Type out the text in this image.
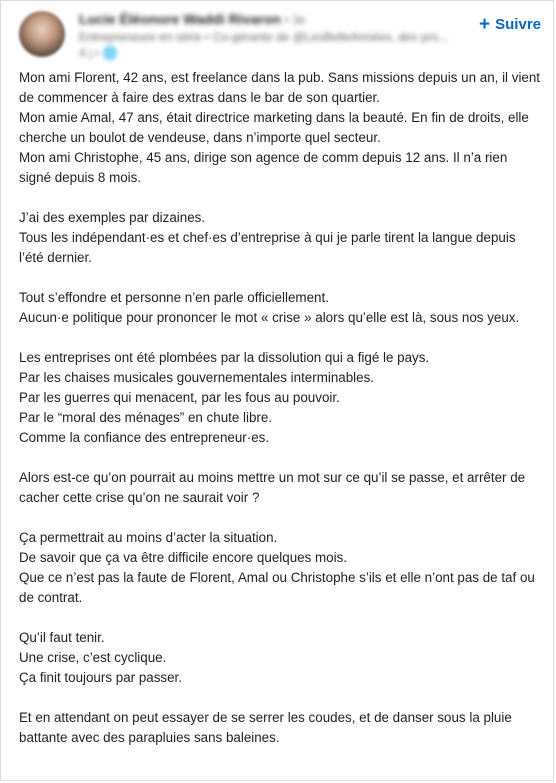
Lucie Éléonore Waddi Rivaron • 3e
Entrepreneure en série • Co-gérante de @LesBelleAnnées, dev pro...
4 j • 🌐
+ Suivre

Mon ami Florent, 42 ans, est freelance dans la pub. Sans missions depuis un an, il vient de commencer à faire des extras dans le bar de son quartier.
Mon amie Amal, 47 ans, était directrice marketing dans la beauté. En fin de droits, elle cherche un boulot de vendeuse, dans n’importe quel secteur.
Mon ami Christophe, 45 ans, dirige son agence de comm depuis 12 ans. Il n’a rien signé depuis 8 mois.

J’ai des exemples par dizaines.
Tous les indépendant·es et chef·es d’entreprise à qui je parle tirent la langue depuis l’été dernier.

Tout s’effondre et personne n’en parle officiellement.
Aucun·e politique pour prononcer le mot « crise » alors qu’elle est là, sous nos yeux.

Les entreprises ont été plombées par la dissolution qui a figé le pays.
Par les chaises musicales gouvernementales interminables.
Par les guerres qui menacent, par les fous au pouvoir.
Par le “moral des ménages” en chute libre.
Comme la confiance des entrepreneur·es.

Alors est-ce qu’on pourrait au moins mettre un mot sur ce qu’il se passe, et arrêter de cacher cette crise qu’on ne saurait voir ?

Ça permettrait au moins d’acter la situation.
De savoir que ça va être difficile encore quelques mois.
Que ce n’est pas la faute de Florent, Amal ou Christophe s’ils et elle n’ont pas de taf ou de contrat.

Qu’il faut tenir.
Une crise, c’est cyclique.
Ça finit toujours par passer.

Et en attendant on peut essayer de se serrer les coudes, et de danser sous la pluie battante avec des parapluies sans baleines.
